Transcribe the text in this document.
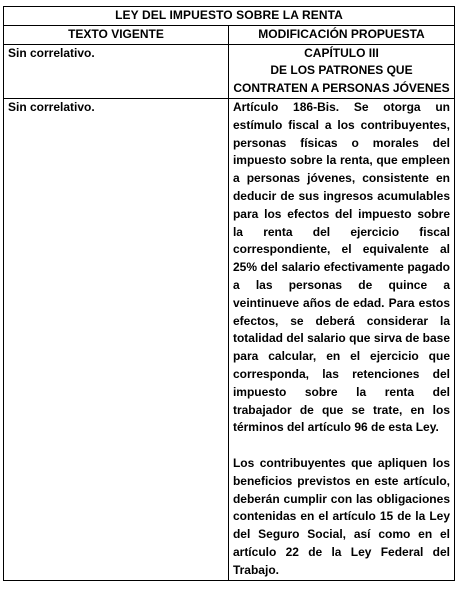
LEY DEL IMPUESTO SOBRE LA RENTA	
TEXTO VIGENTE	MODIFICACIÓN PROPUESTA
Sin correlativo.	CAPÍTULO III
DE LOS PATRONES QUE
CONTRATEN A PERSONAS JÓVENES

Sin correlativo.	Artículo 186-Bis. Se otorga un estímulo fiscal a los contribuyentes, personas físicas o morales del impuesto sobre la renta, que empleen a personas jóvenes, consistente en deducir de sus ingresos acumulables para los efectos del impuesto sobre la renta del ejercicio fiscal correspondiente, el equivalente al 25% del salario efectivamente pagado a las personas de quince a veintinueve años de edad. Para estos efectos, se deberá considerar la totalidad del salario que sirva de base para calcular, en el ejercicio que corresponda, las retenciones del impuesto sobre la renta del trabajador de que se trate, en los términos del artículo 96 de esta Ley.

Los contribuyentes que apliquen los beneficios previstos en este artículo, deberán cumplir con las obligaciones contenidas en el artículo 15 de la Ley del Seguro Social, así como en el artículo 22 de la Ley Federal del Trabajo.
